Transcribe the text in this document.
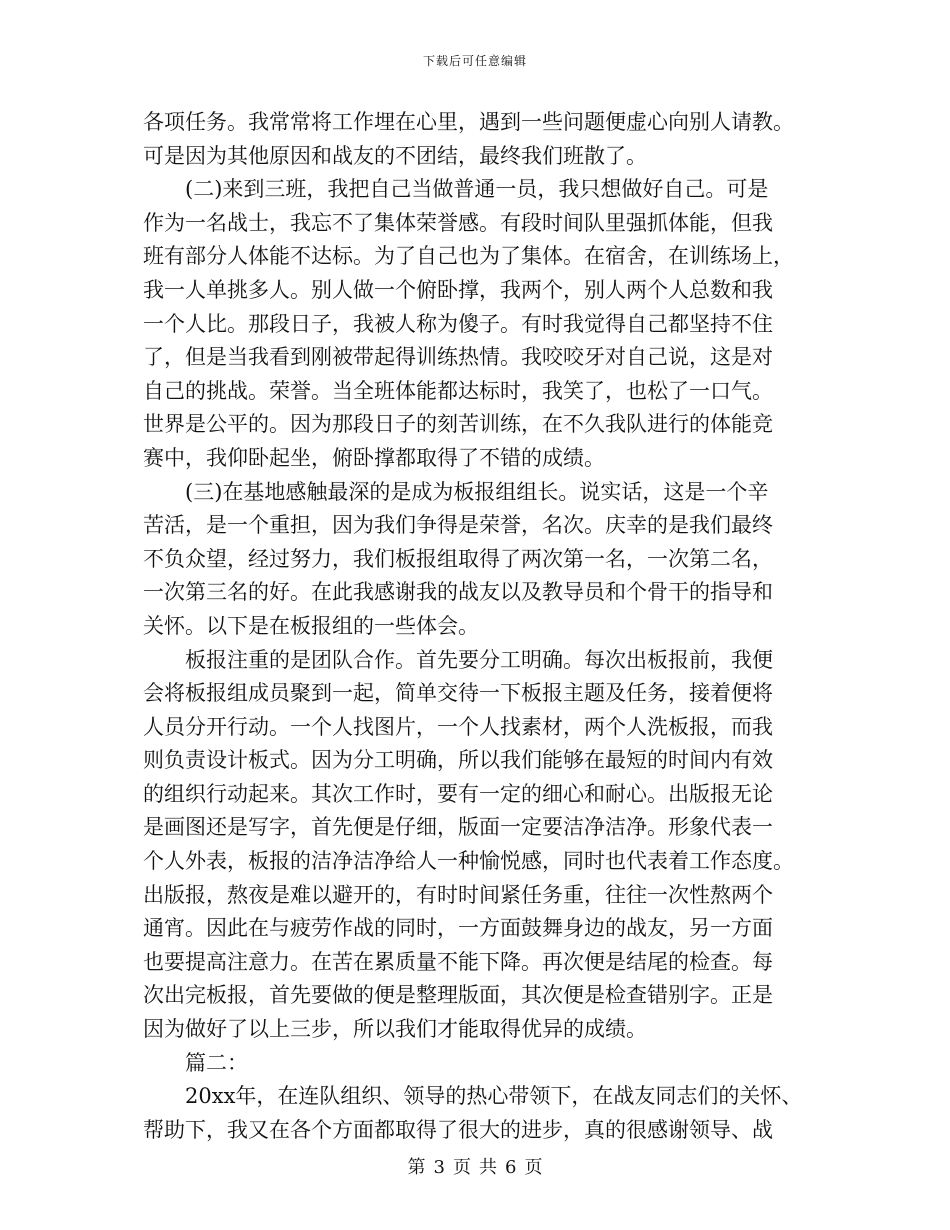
下载后可任意编辑
各项任务。我常常将工作埋在心里，遇到一些问题便虚心向别人请教。
可是因为其他原因和战友的不团结，最终我们班散了。
　　(二)来到三班，我把自己当做普通一员，我只想做好自己。可是
作为一名战士，我忘不了集体荣誉感。有段时间队里强抓体能，但我
班有部分人体能不达标。为了自己也为了集体。在宿舍，在训练场上，
我一人单挑多人。别人做一个俯卧撑，我两个，别人两个人总数和我
一个人比。那段日子，我被人称为傻子。有时我觉得自己都坚持不住
了，但是当我看到刚被带起得训练热情。我咬咬牙对自己说，这是对
自己的挑战。荣誉。当全班体能都达标时，我笑了，也松了一口气。
世界是公平的。因为那段日子的刻苦训练，在不久我队进行的体能竞
赛中，我仰卧起坐，俯卧撑都取得了不错的成绩。
　　(三)在基地感触最深的是成为板报组组长。说实话，这是一个辛
苦活，是一个重担，因为我们争得是荣誉，名次。庆幸的是我们最终
不负众望，经过努力，我们板报组取得了两次第一名，一次第二名，
一次第三名的好。在此我感谢我的战友以及教导员和个骨干的指导和
关怀。以下是在板报组的一些体会。
　　板报注重的是团队合作。首先要分工明确。每次出板报前，我便
会将板报组成员聚到一起，简单交待一下板报主题及任务，接着便将
人员分开行动。一个人找图片，一个人找素材，两个人洗板报，而我
则负责设计板式。因为分工明确，所以我们能够在最短的时间内有效
的组织行动起来。其次工作时，要有一定的细心和耐心。出版报无论
是画图还是写字，首先便是仔细，版面一定要洁净洁净。形象代表一
个人外表，板报的洁净洁净给人一种愉悦感，同时也代表着工作态度。
出版报，熬夜是难以避开的，有时时间紧任务重，往往一次性熬两个
通宵。因此在与疲劳作战的同时，一方面鼓舞身边的战友，另一方面
也要提高注意力。在苦在累质量不能下降。再次便是结尾的检查。每
次出完板报，首先要做的便是整理版面，其次便是检查错别字。正是
因为做好了以上三步，所以我们才能取得优异的成绩。
　　篇二：
　　20xx年，在连队组织、领导的热心带领下，在战友同志们的关怀、
帮助下，我又在各个方面都取得了很大的进步，真的很感谢领导、战
第 3 页 共 6 页
